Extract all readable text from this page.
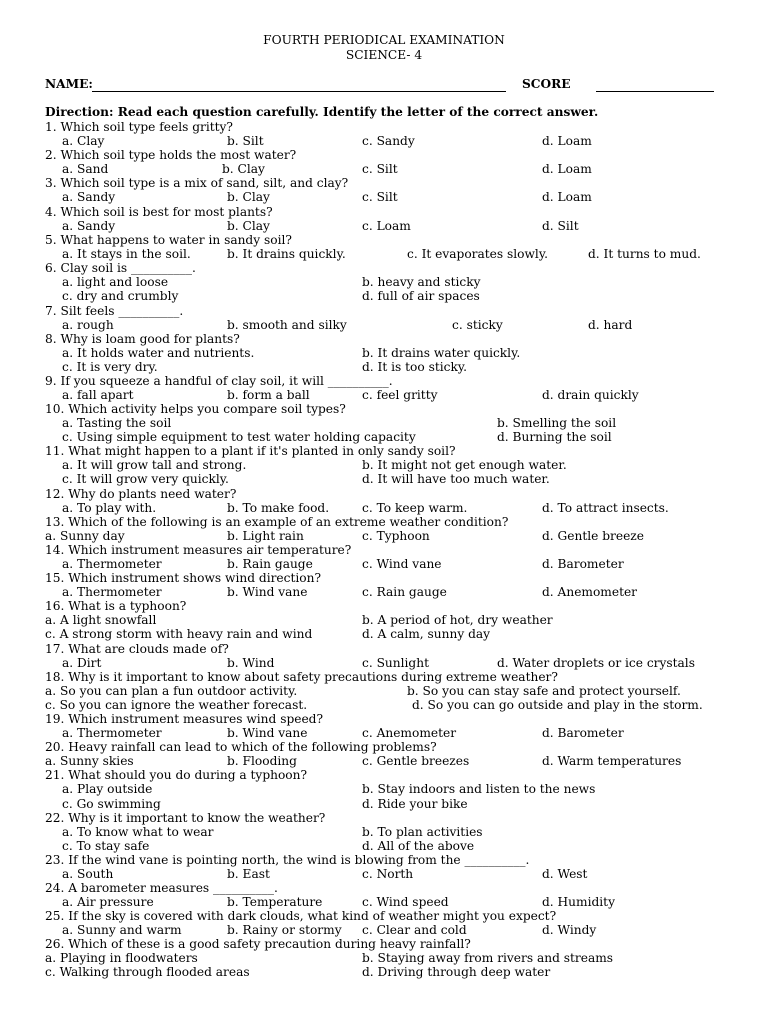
FOURTH PERIODICAL EXAMINATION
SCIENCE- 4
NAME:	SCORE
Direction: Read each question carefully. Identify the letter of the correct answer.
1. Which soil type feels gritty?
a. Clay	b. Silt	c. Sandy	d. Loam
2. Which soil type holds the most water?
a. Sand	b. Clay	c. Silt	d. Loam
3. Which soil type is a mix of sand, silt, and clay?
a. Sandy	b. Clay	c. Silt	d. Loam
4. Which soil is best for most plants?
a. Sandy	b. Clay	c. Loam	d. Silt
5. What happens to water in sandy soil?
a. It stays in the soil.	b. It drains quickly.	c. It evaporates slowly.	d. It turns to mud.
6. Clay soil is __________.
a. light and loose	b. heavy and sticky
c. dry and crumbly	d. full of air spaces
7. Silt feels __________.
a. rough	b. smooth and silky	c. sticky	d. hard
8. Why is loam good for plants?
a. It holds water and nutrients.	b. It drains water quickly.
c. It is very dry.	d. It is too sticky.
9. If you squeeze a handful of clay soil, it will __________.
a. fall apart	b. form a ball	c. feel gritty	d. drain quickly
10. Which activity helps you compare soil types?
a. Tasting the soil	b. Smelling the soil
c. Using simple equipment to test water holding capacity	d. Burning the soil
11. What might happen to a plant if it's planted in only sandy soil?
a. It will grow tall and strong.	b. It might not get enough water.
c. It will grow very quickly.	d. It will have too much water.
12. Why do plants need water?
a. To play with.	b. To make food.	c. To keep warm.	d. To attract insects.
13. Which of the following is an example of an extreme weather condition?
a. Sunny day	b. Light rain	c. Typhoon	d. Gentle breeze
14. Which instrument measures air temperature?
a. Thermometer	b. Rain gauge	c. Wind vane	d. Barometer
15. Which instrument shows wind direction?
a. Thermometer	b. Wind vane	c. Rain gauge	d. Anemometer
16. What is a typhoon?
a. A light snowfall	b. A period of hot, dry weather
c. A strong storm with heavy rain and wind	d. A calm, sunny day
17. What are clouds made of?
a. Dirt	b. Wind	c. Sunlight	d. Water droplets or ice crystals
18. Why is it important to know about safety precautions during extreme weather?
a. So you can plan a fun outdoor activity.	b. So you can stay safe and protect yourself.
c. So you can ignore the weather forecast.	d. So you can go outside and play in the storm.
19. Which instrument measures wind speed?
a. Thermometer	b. Wind vane	c. Anemometer	d. Barometer
20. Heavy rainfall can lead to which of the following problems?
a. Sunny skies	b. Flooding	c. Gentle breezes	d. Warm temperatures
21. What should you do during a typhoon?
a. Play outside	b. Stay indoors and listen to the news
c. Go swimming	d. Ride your bike
22. Why is it important to know the weather?
a. To know what to wear	b. To plan activities
c. To stay safe	d. All of the above
23. If the wind vane is pointing north, the wind is blowing from the __________.
a. South	b. East	c. North	d. West
24. A barometer measures __________.
a. Air pressure	b. Temperature	c. Wind speed	d. Humidity
25. If the sky is covered with dark clouds, what kind of weather might you expect?
a. Sunny and warm	b. Rainy or stormy c. Clear and cold	d. Windy
26. Which of these is a good safety precaution during heavy rainfall?
a. Playing in floodwaters	b. Staying away from rivers and streams
c. Walking through flooded areas	d. Driving through deep water
